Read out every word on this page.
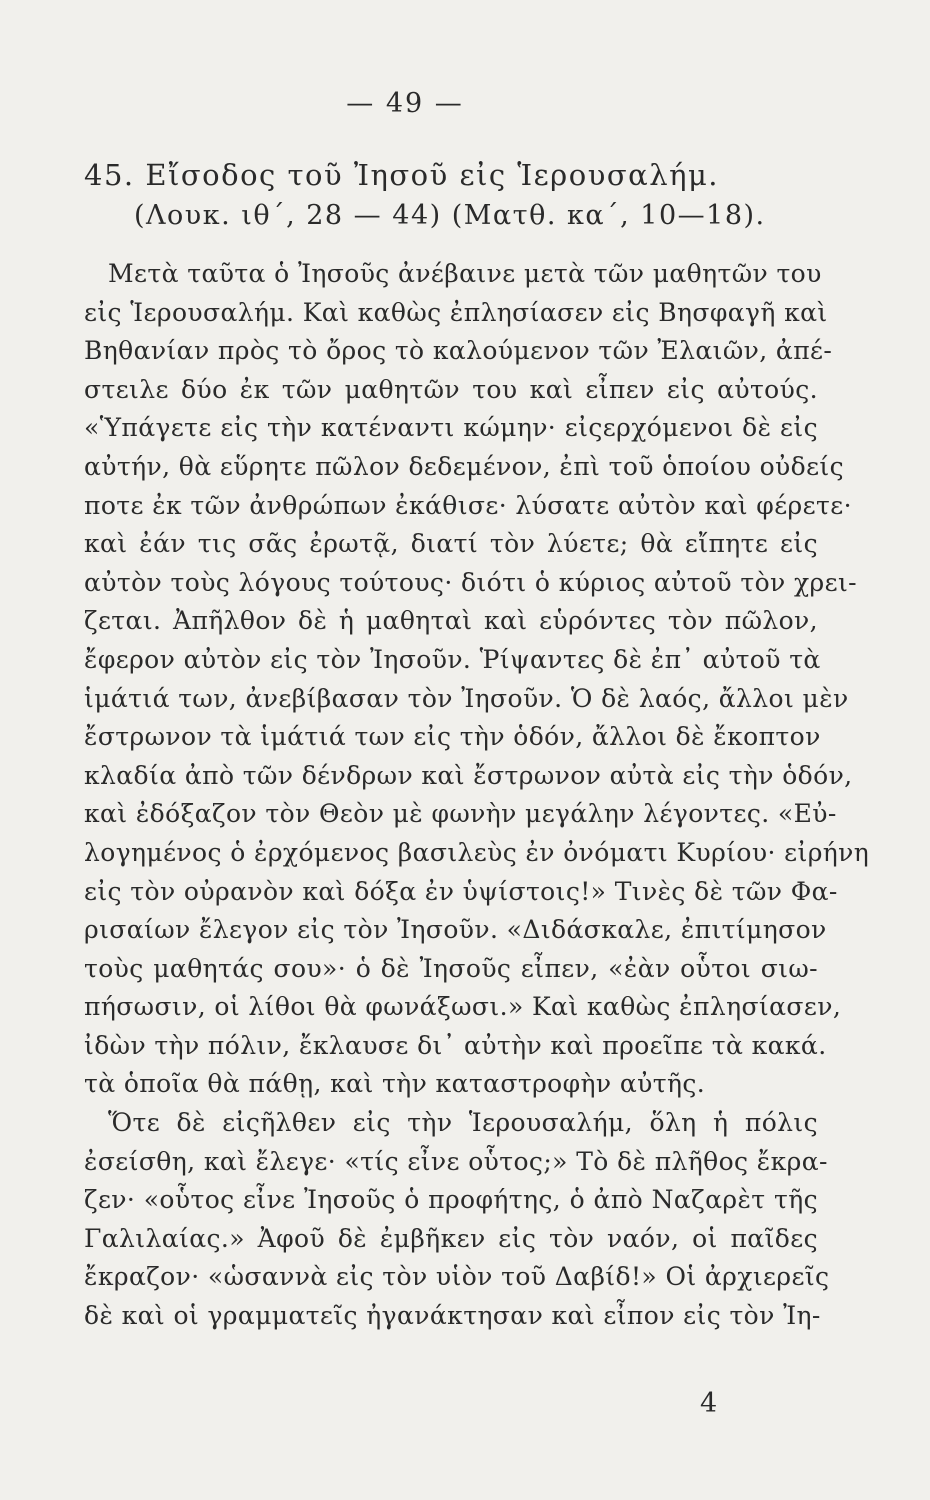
— 49 —
45. Εἴσοδος τοῦ Ἰησοῦ εἰς Ἱερουσαλήμ.
(Λουκ. ιθ΄, 28 — 44) (Ματθ. κα΄, 10—18).
Μετὰ ταῦτα ὁ Ἰησοῦς ἀνέβαινε μετὰ τῶν μαθητῶν του
εἰς Ἱερουσαλήμ. Καὶ καθὼς ἐπλησίασεν εἰς Βησφαγῆ καὶ
Βηθανίαν πρὸς τὸ ὄρος τὸ καλούμενον τῶν Ἐλαιῶν, ἀπέ-
στειλε δύο ἐκ τῶν μαθητῶν του καὶ εἶπεν εἰς αὐτούς.
«Ὑπάγετε εἰς τὴν κατέναντι κώμην· εἰςερχόμενοι δὲ εἰς
αὐτήν, θὰ εὕρητε πῶλον δεδεμένον, ἐπὶ τοῦ ὁποίου οὐδείς
ποτε ἐκ τῶν ἀνθρώπων ἐκάθισε· λύσατε αὐτὸν καὶ φέρετε·
καὶ ἐάν τις σᾶς ἐρωτᾷ, διατί τὸν λύετε; θὰ εἴπητε εἰς
αὐτὸν τοὺς λόγους τούτους· διότι ὁ κύριος αὐτοῦ τὸν χρει-
ζεται. Ἀπῆλθον δὲ ἡ μαθηταὶ καὶ εὑρόντες τὸν πῶλον,
ἔφερον αὐτὸν εἰς τὸν Ἰησοῦν. Ῥίψαντες δὲ ἐπ᾽ αὐτοῦ τὰ
ἱμάτιά των, ἀνεβίβασαν τὸν Ἰησοῦν. Ὁ δὲ λαός, ἄλλοι μὲν
ἔστρωνον τὰ ἱμάτιά των εἰς τὴν ὁδόν, ἄλλοι δὲ ἔκοπτον
κλαδία ἀπὸ τῶν δένδρων καὶ ἔστρωνον αὐτὰ εἰς τὴν ὁδόν,
καὶ ἐδόξαζον τὸν Θεὸν μὲ φωνὴν μεγάλην λέγοντες. «Εὐ-
λογημένος ὁ ἐρχόμενος βασιλεὺς ἐν ὀνόματι Κυρίου· εἰρήνη
εἰς τὸν οὐρανὸν καὶ δόξα ἐν ὑψίστοις!» Τινὲς δὲ τῶν Φα-
ρισαίων ἔλεγον εἰς τὸν Ἰησοῦν. «Διδάσκαλε, ἐπιτίμησον
τοὺς μαθητάς σου»· ὁ δὲ Ἰησοῦς εἶπεν, «ἐὰν οὗτοι σιω-
πήσωσιν, οἱ λίθοι θὰ φωνάξωσι.» Καὶ καθὼς ἐπλησίασεν,
ἰδὼν τὴν πόλιν, ἔκλαυσε δι᾽ αὐτὴν καὶ προεῖπε τὰ κακά.
τὰ ὁποῖα θὰ πάθῃ, καὶ τὴν καταστροφὴν αὐτῆς.
Ὅτε δὲ εἰςῆλθεν εἰς τὴν Ἱερουσαλήμ, ὅλη ἡ πόλις
ἐσείσθη, καὶ ἔλεγε· «τίς εἶνε οὗτος;» Τὸ δὲ πλῆθος ἔκρα-
ζεν· «οὗτος εἶνε Ἰησοῦς ὁ προφήτης, ὁ ἀπὸ Ναζαρὲτ τῆς
Γαλιλαίας.» Ἀφοῦ δὲ ἐμβῆκεν εἰς τὸν ναόν, οἱ παῖδες
ἔκραζον· «ὡσαννὰ εἰς τὸν υἱὸν τοῦ Δαβίδ!» Οἱ ἀρχιερεῖς
δὲ καὶ οἱ γραμματεῖς ἠγανάκτησαν καὶ εἶπον εἰς τὸν Ἰη-
4
